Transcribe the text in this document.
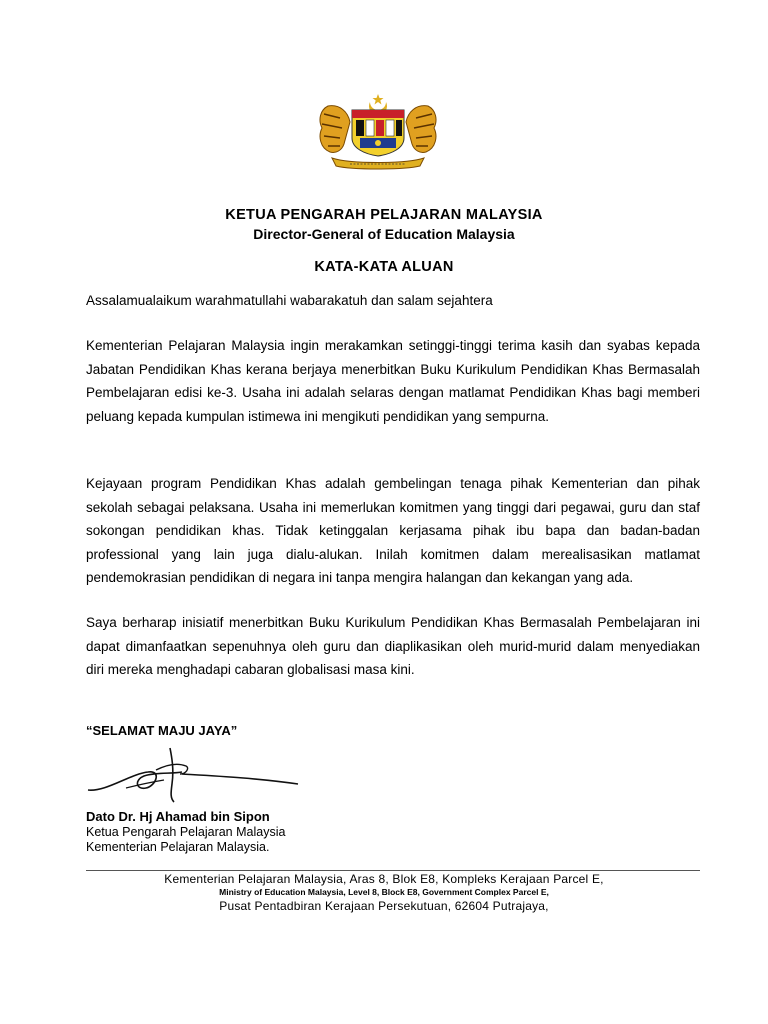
KETUA PENGARAH PELAJARAN MALAYSIA
Director-General of Education Malaysia
KATA-KATA ALUAN
Assalamualaikum warahmatullahi wabarakatuh dan salam sejahtera
Kementerian Pelajaran Malaysia ingin merakamkan setinggi-tinggi terima kasih dan syabas kepada Jabatan Pendidikan Khas kerana berjaya menerbitkan Buku Kurikulum Pendidikan Khas Bermasalah Pembelajaran edisi ke-3. Usaha ini adalah selaras dengan matlamat Pendidikan Khas bagi memberi peluang kepada kumpulan istimewa ini mengikuti pendidikan yang sempurna.
Kejayaan program Pendidikan Khas adalah gembelingan tenaga pihak Kementerian dan pihak sekolah sebagai pelaksana. Usaha ini memerlukan komitmen yang tinggi dari pegawai, guru dan staf sokongan pendidikan khas. Tidak ketinggalan kerjasama pihak ibu bapa dan badan-badan professional yang lain juga dialu-alukan. Inilah komitmen dalam merealisasikan matlamat pendemokrasian pendidikan di negara ini tanpa mengira halangan dan kekangan yang ada.
Saya berharap inisiatif menerbitkan Buku Kurikulum Pendidikan Khas Bermasalah Pembelajaran ini dapat dimanfaatkan sepenuhnya oleh guru dan diaplikasikan oleh murid-murid dalam menyediakan diri mereka menghadapi cabaran globalisasi masa kini.
“SELAMAT MAJU JAYA”
Dato Dr. Hj Ahamad bin Sipon
Ketua Pengarah Pelajaran Malaysia
Kementerian Pelajaran Malaysia.
Kementerian Pelajaran Malaysia, Aras 8, Blok E8, Kompleks Kerajaan Parcel E,
Ministry of Education Malaysia, Level 8, Block E8, Government Complex Parcel E,
Pusat Pentadbiran Kerajaan Persekutuan, 62604 Putrajaya,
